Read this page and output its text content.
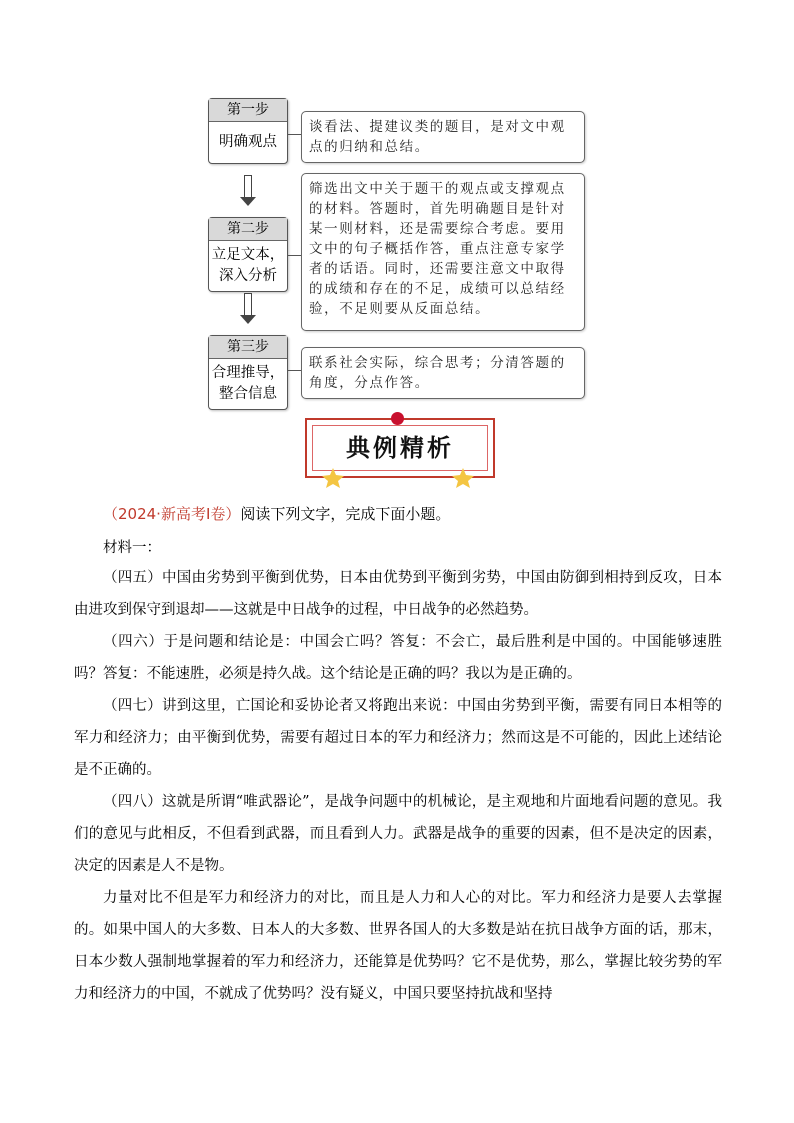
第一步
明确观点
谈看法、提建议类的题目，是对文中观点的归纳和总结。
第二步
立足文本，
深入分析
筛选出文中关于题干的观点或支撑观点的材料。答题时，首先明确题目是针对某一则材料，还是需要综合考虑。要用文中的句子概括作答，重点注意专家学者的话语。同时，还需要注意文中取得的成绩和存在的不足，成绩可以总结经验，不足则要从反面总结。
第三步
合理推导，
整合信息
联系社会实际，综合思考；分清答题的角度，分点作答。
典例精析
（2024·新高考Ⅰ卷）阅读下列文字，完成下面小题。
材料一：
（四五）中国由劣势到平衡到优势，日本由优势到平衡到劣势，中国由防御到相持到反攻，日本由进攻到保守到退却——这就是中日战争的过程，中日战争的必然趋势。
（四六）于是问题和结论是：中国会亡吗？答复：不会亡，最后胜利是中国的。中国能够速胜吗？答复：不能速胜，必须是持久战。这个结论是正确的吗？我以为是正确的。
（四七）讲到这里，亡国论和妥协论者又将跑出来说：中国由劣势到平衡，需要有同日本相等的军力和经济力；由平衡到优势，需要有超过日本的军力和经济力；然而这是不可能的，因此上述结论是不正确的。
（四八）这就是所谓“唯武器论”，是战争问题中的机械论，是主观地和片面地看问题的意见。我们的意见与此相反，不但看到武器，而且看到人力。武器是战争的重要的因素，但不是决定的因素，决定的因素是人不是物。
力量对比不但是军力和经济力的对比，而且是人力和人心的对比。军力和经济力是要人去掌握的。如果中国人的大多数、日本人的大多数、世界各国人的大多数是站在抗日战争方面的话，那末，日本少数人强制地掌握着的军力和经济力，还能算是优势吗？它不是优势，那么，掌握比较劣势的军力和经济力的中国，不就成了优势吗？没有疑义，中国只要坚持抗战和坚持
